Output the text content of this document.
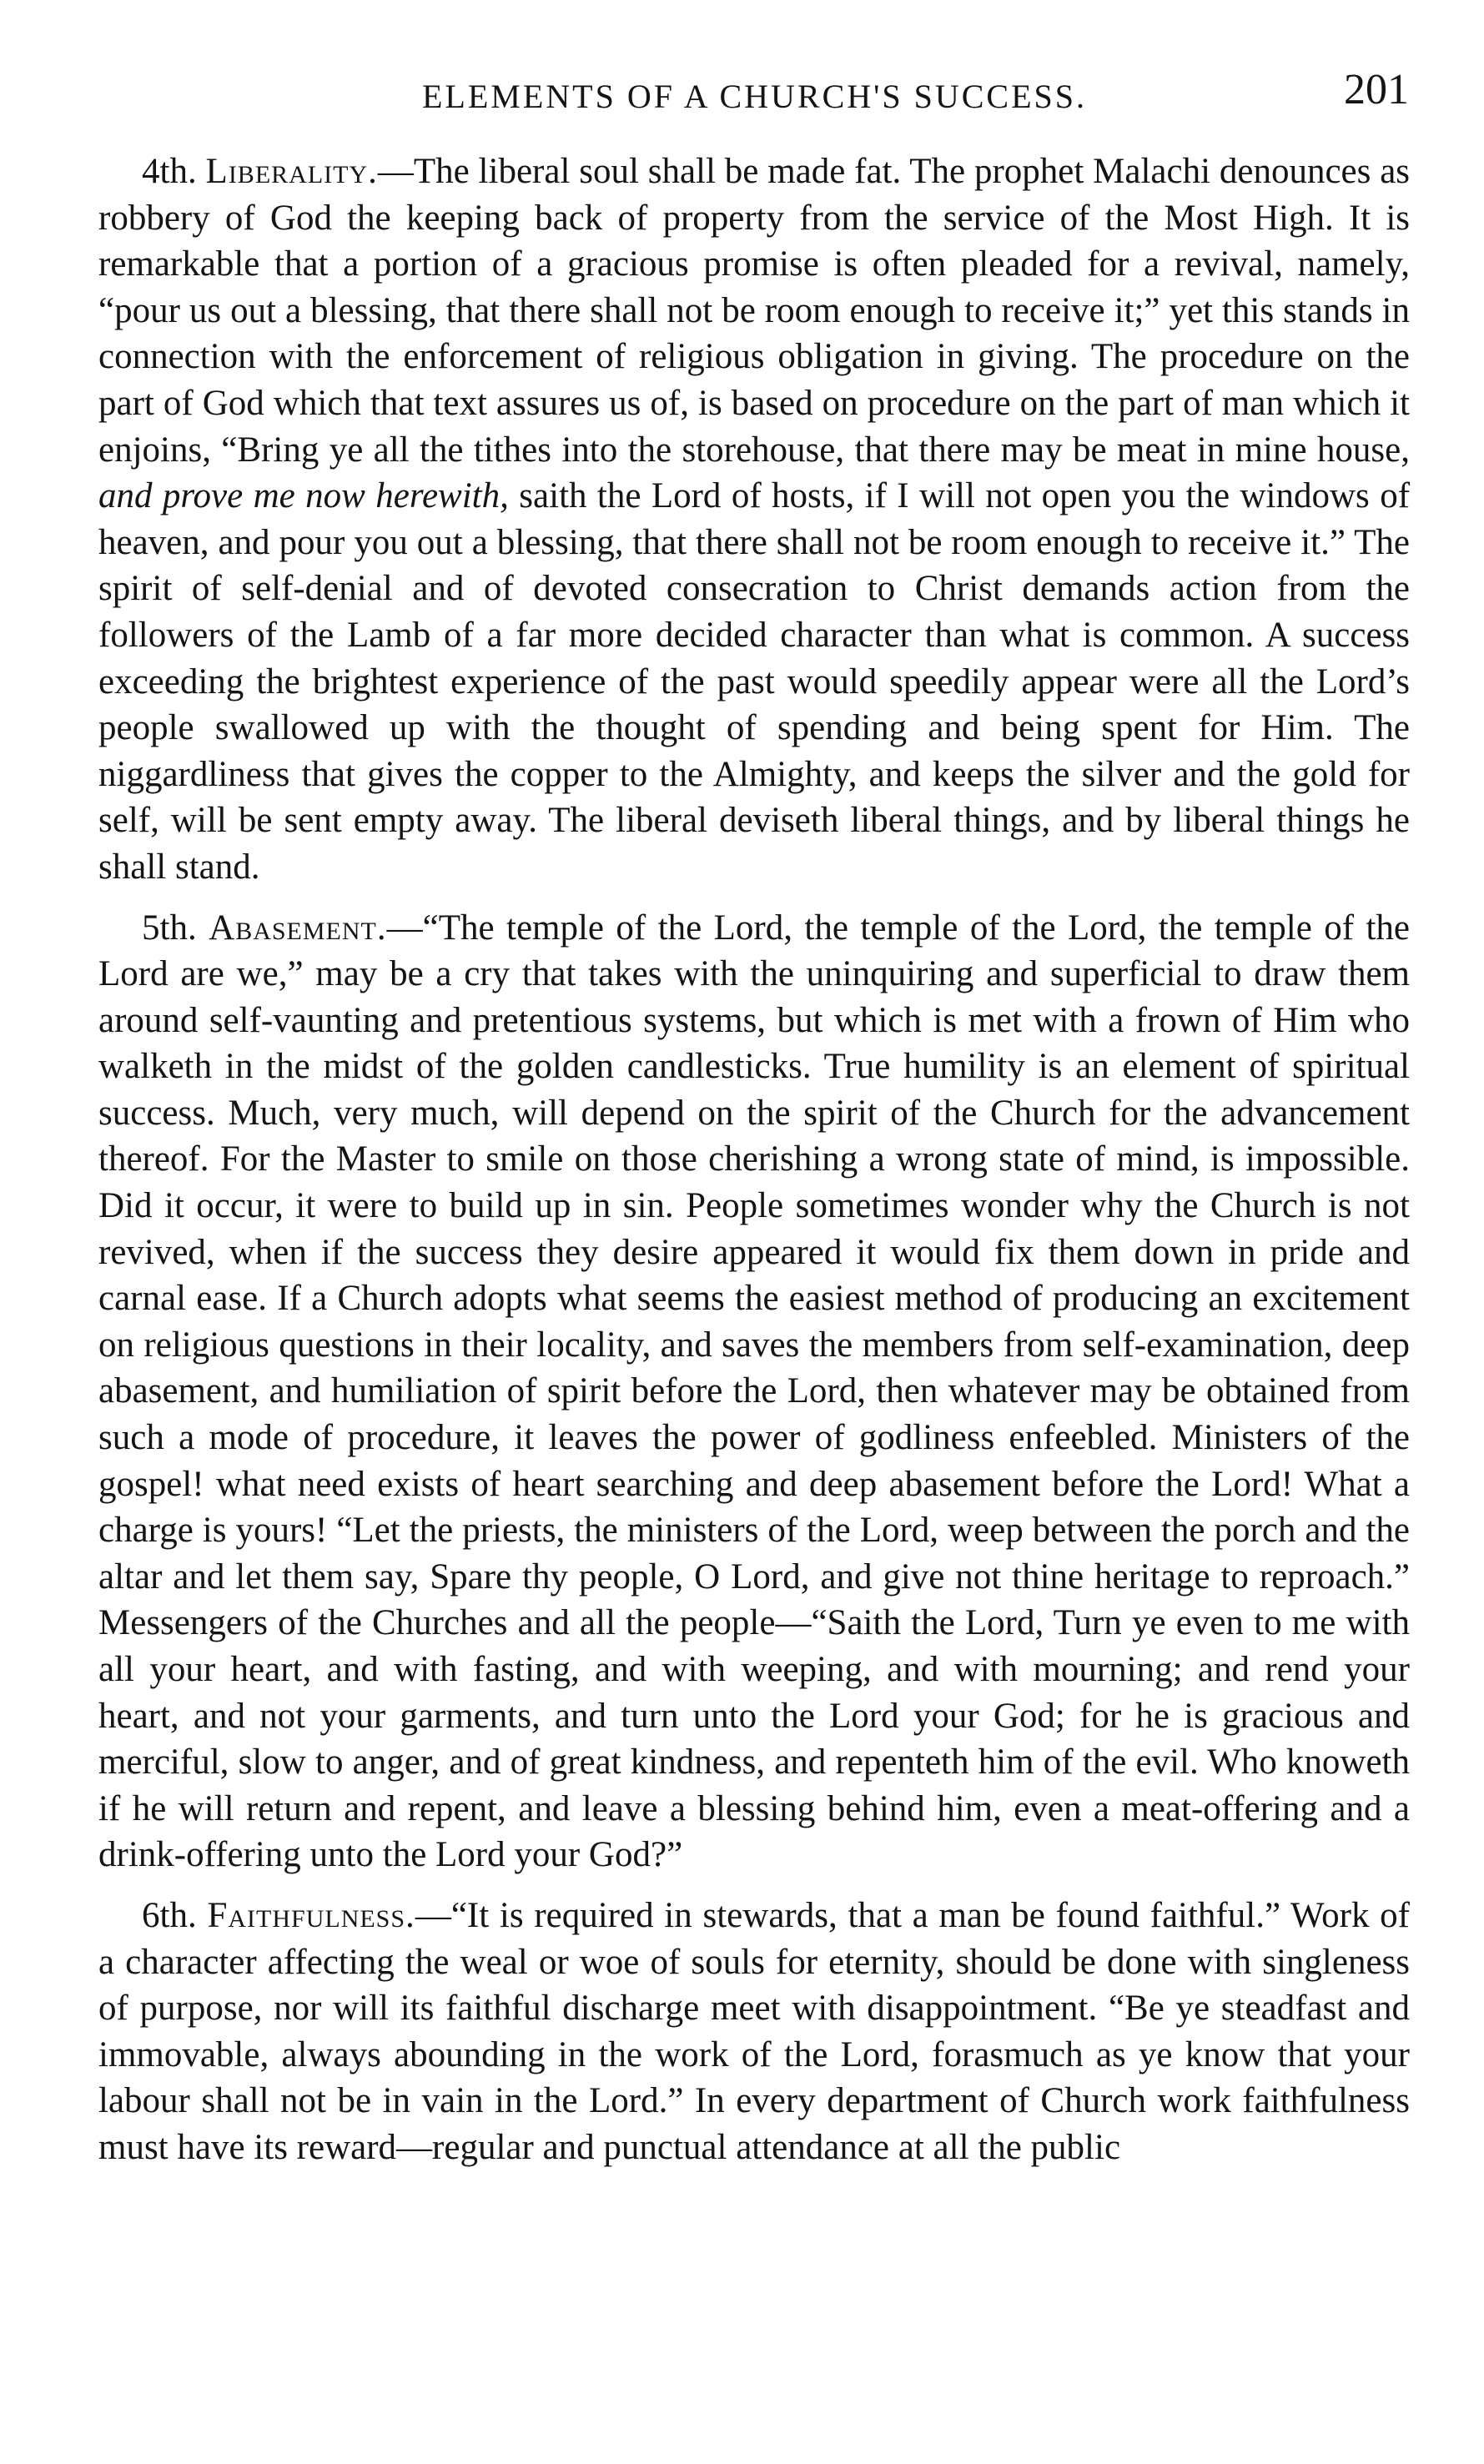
ELEMENTS OF A CHURCH'S SUCCESS.	201

4th. Liberality.—The liberal soul shall be made fat. The prophet Malachi denounces as robbery of God the keeping back of property from the service of the Most High. It is remarkable that a portion of a gracious promise is often pleaded for a revival, namely, “pour us out a blessing, that there shall not be room enough to receive it;” yet this stands in connection with the enforcement of religious obligation in giving. The procedure on the part of God which that text assures us of, is based on procedure on the part of man which it enjoins, “Bring ye all the tithes into the storehouse, that there may be meat in mine house, and prove me now herewith, saith the Lord of hosts, if I will not open you the windows of heaven, and pour you out a blessing, that there shall not be room enough to receive it.” The spirit of self-denial and of devoted consecration to Christ demands action from the followers of the Lamb of a far more decided character than what is common. A success exceeding the brightest experience of the past would speedily appear were all the Lord’s people swallowed up with the thought of spending and being spent for Him. The niggardliness that gives the copper to the Almighty, and keeps the silver and the gold for self, will be sent empty away. The liberal deviseth liberal things, and by liberal things he shall stand.

5th. Abasement.—“The temple of the Lord, the temple of the Lord, the temple of the Lord are we,” may be a cry that takes with the uninquiring and superficial to draw them around self-vaunting and pretentious systems, but which is met with a frown of Him who walketh in the midst of the golden candlesticks. True humility is an element of spiritual success. Much, very much, will depend on the spirit of the Church for the advancement thereof. For the Master to smile on those cherishing a wrong state of mind, is impossible. Did it occur, it were to build up in sin. People sometimes wonder why the Church is not revived, when if the success they desire appeared it would fix them down in pride and carnal ease. If a Church adopts what seems the easiest method of producing an excitement on religious questions in their locality, and saves the members from self-examination, deep abasement, and humiliation of spirit before the Lord, then whatever may be obtained from such a mode of procedure, it leaves the power of godliness enfeebled. Ministers of the gospel! what need exists of heart searching and deep abasement before the Lord! What a charge is yours! “Let the priests, the ministers of the Lord, weep between the porch and the altar and let them say, Spare thy people, O Lord, and give not thine heritage to reproach.” Messengers of the Churches and all the people—“Saith the Lord, Turn ye even to me with all your heart, and with fasting, and with weeping, and with mourning; and rend your heart, and not your garments, and turn unto the Lord your God; for he is gracious and merciful, slow to anger, and of great kindness, and repenteth him of the evil. Who knoweth if he will return and repent, and leave a blessing behind him, even a meat-offering and a drink-offering unto the Lord your God?”

6th. Faithfulness.—“It is required in stewards, that a man be found faithful.” Work of a character affecting the weal or woe of souls for eternity, should be done with singleness of purpose, nor will its faithful discharge meet with disappointment. “Be ye steadfast and immovable, always abounding in the work of the Lord, forasmuch as ye know that your labour shall not be in vain in the Lord.” In every department of Church work faithfulness must have its reward—regular and punctual attendance at all the public
